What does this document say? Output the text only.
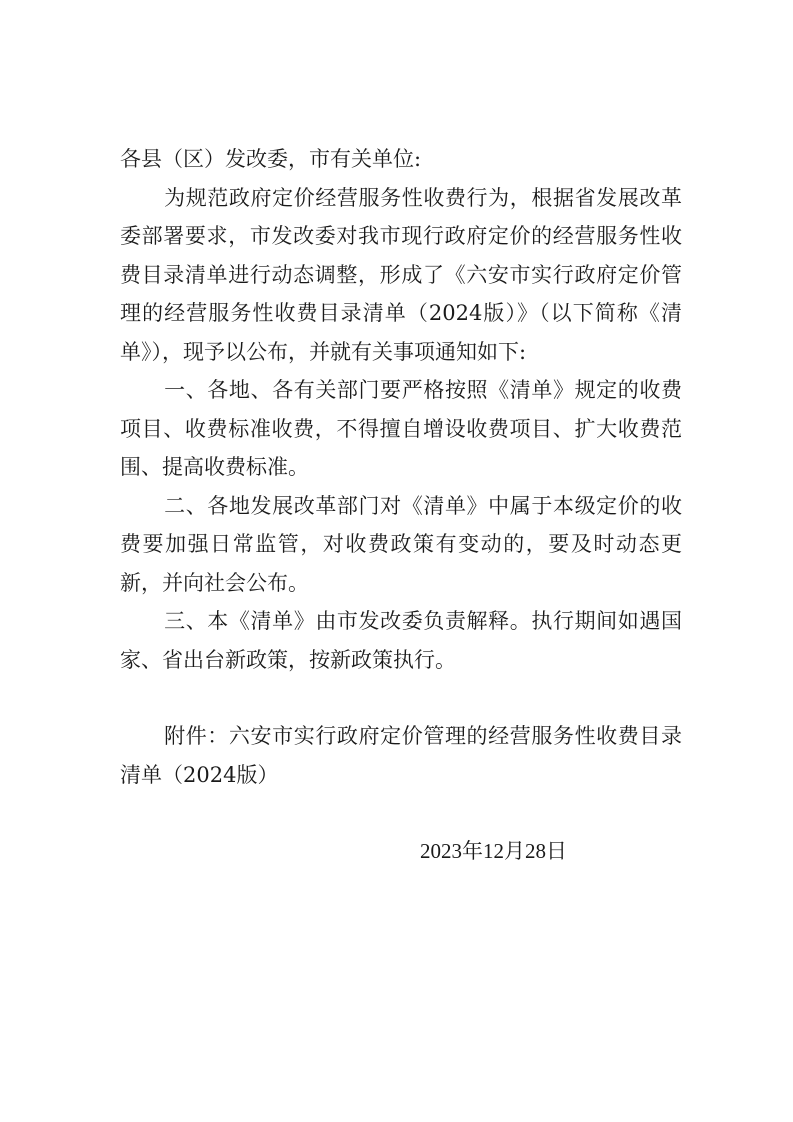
各县（区）发改委，市有关单位:

为规范政府定价经营服务性收费行为，根据省发展改革委部署要求，市发改委对我市现行政府定价的经营服务性收费目录清单进行动态调整，形成了《六安市实行政府定价管理的经营服务性收费目录清单（2024版）》（以下简称《清单》），现予以公布，并就有关事项通知如下:

一、各地、各有关部门要严格按照《清单》规定的收费项目、收费标准收费，不得擅自增设收费项目、扩大收费范围、提高收费标准。

二、各地发展改革部门对《清单》中属于本级定价的收费要加强日常监管，对收费政策有变动的，要及时动态更新，并向社会公布。

三、本《清单》由市发改委负责解释。执行期间如遇国家、省出台新政策，按新政策执行。

附件：六安市实行政府定价管理的经营服务性收费目录清单（2024版）

2023年12月28日
